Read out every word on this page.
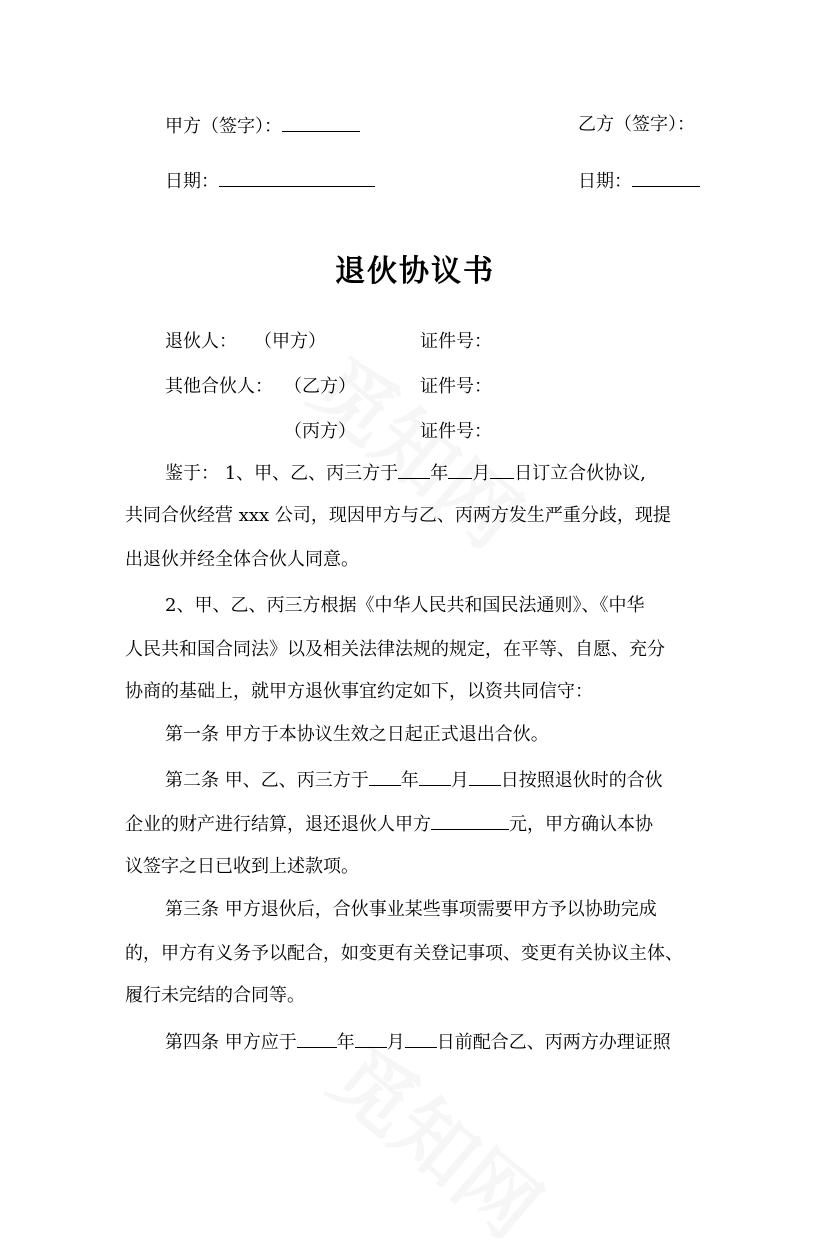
甲方（签字）：	乙方（签字）：
日期：	日期：
退伙协议书
退伙人： （甲方）	证件号：
其他合伙人： （乙方）	证件号：
（丙方）	证件号：
鉴于： 1、甲、乙、丙三方于 年 月 日订立合伙协议,
共同合伙经营 xxx 公司，现因甲方与乙、丙两方发生严重分歧，现提
出退伙并经全体合伙人同意。
2、甲、乙、丙三方根据《中华人民共和国民法通则》、《中华
人民共和国合同法》以及相关法律法规的规定，在平等、自愿、充分
协商的基础上，就甲方退伙事宜约定如下，以资共同信守：
第一条 甲方于本协议生效之日起正式退出合伙。
第二条 甲、乙、丙三方于 年 月 日按照退伙时的合伙
企业的财产进行结算，退还退伙人甲方	元，甲方确认本协
议签字之日已收到上述款项。
第三条 甲方退伙后，合伙事业某些事项需要甲方予以协助完成
的，甲方有义务予以配合，如变更有关登记事项、变更有关协议主体、
履行未完结的合同等。
第四条 甲方应于 年 月 日前配合乙、丙两方办理证照
